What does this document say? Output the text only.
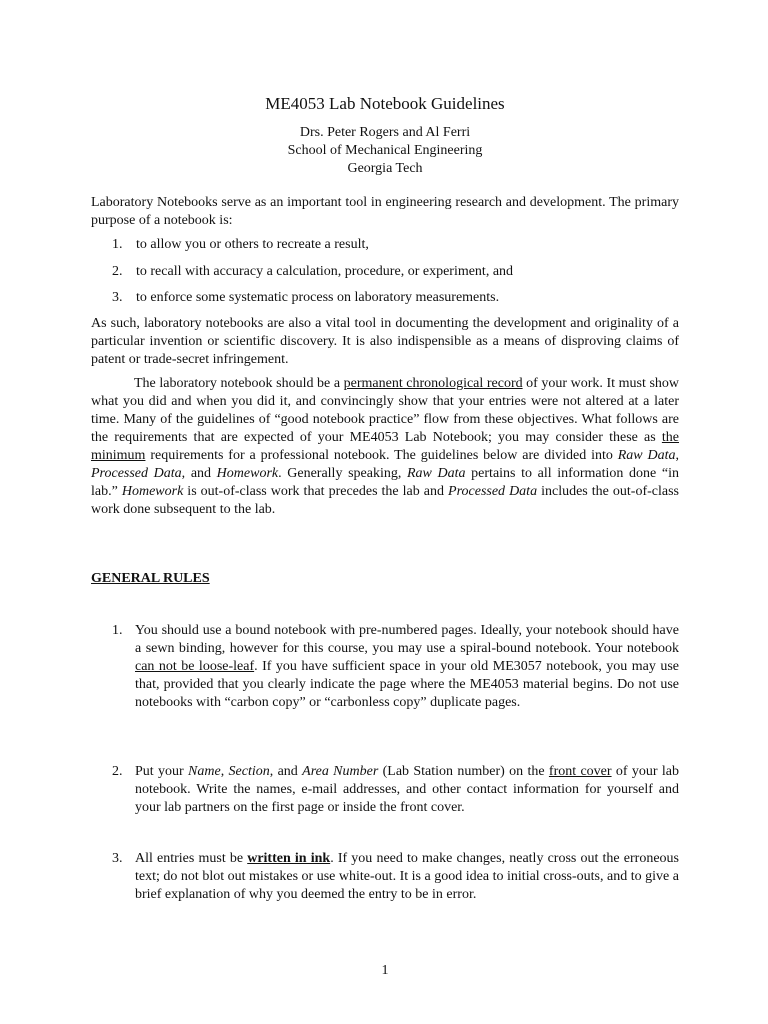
ME4053 Lab Notebook Guidelines
Drs. Peter Rogers and Al Ferri
School of Mechanical Engineering
Georgia Tech
Laboratory Notebooks serve as an important tool in engineering research and development. The primary purpose of a notebook is:
1. to allow you or others to recreate a result,
2. to recall with accuracy a calculation, procedure, or experiment, and
3. to enforce some systematic process on laboratory measurements.
As such, laboratory notebooks are also a vital tool in documenting the development and originality of a particular invention or scientific discovery. It is also indispensible as a means of disproving claims of patent or trade-secret infringement.
The laboratory notebook should be a permanent chronological record of your work. It must show what you did and when you did it, and convincingly show that your entries were not altered at a later time. Many of the guidelines of “good notebook practice” flow from these objectives. What follows are the requirements that are expected of your ME4053 Lab Notebook; you may consider these as the minimum requirements for a professional notebook. The guidelines below are divided into Raw Data, Processed Data, and Homework. Generally speaking, Raw Data pertains to all information done “in lab.” Homework is out-of-class work that precedes the lab and Processed Data includes the out-of-class work done subsequent to the lab.
GENERAL RULES
1. You should use a bound notebook with pre-numbered pages. Ideally, your notebook should have a sewn binding, however for this course, you may use a spiral-bound notebook. Your notebook can not be loose-leaf. If you have sufficient space in your old ME3057 notebook, you may use that, provided that you clearly indicate the page where the ME4053 material begins. Do not use notebooks with “carbon copy” or “carbonless copy” duplicate pages.
2. Put your Name, Section, and Area Number (Lab Station number) on the front cover of your lab notebook. Write the names, e-mail addresses, and other contact information for yourself and your lab partners on the first page or inside the front cover.
3. All entries must be written in ink. If you need to make changes, neatly cross out the erroneous text; do not blot out mistakes or use white-out. It is a good idea to initial cross-outs, and to give a brief explanation of why you deemed the entry to be in error.
1
